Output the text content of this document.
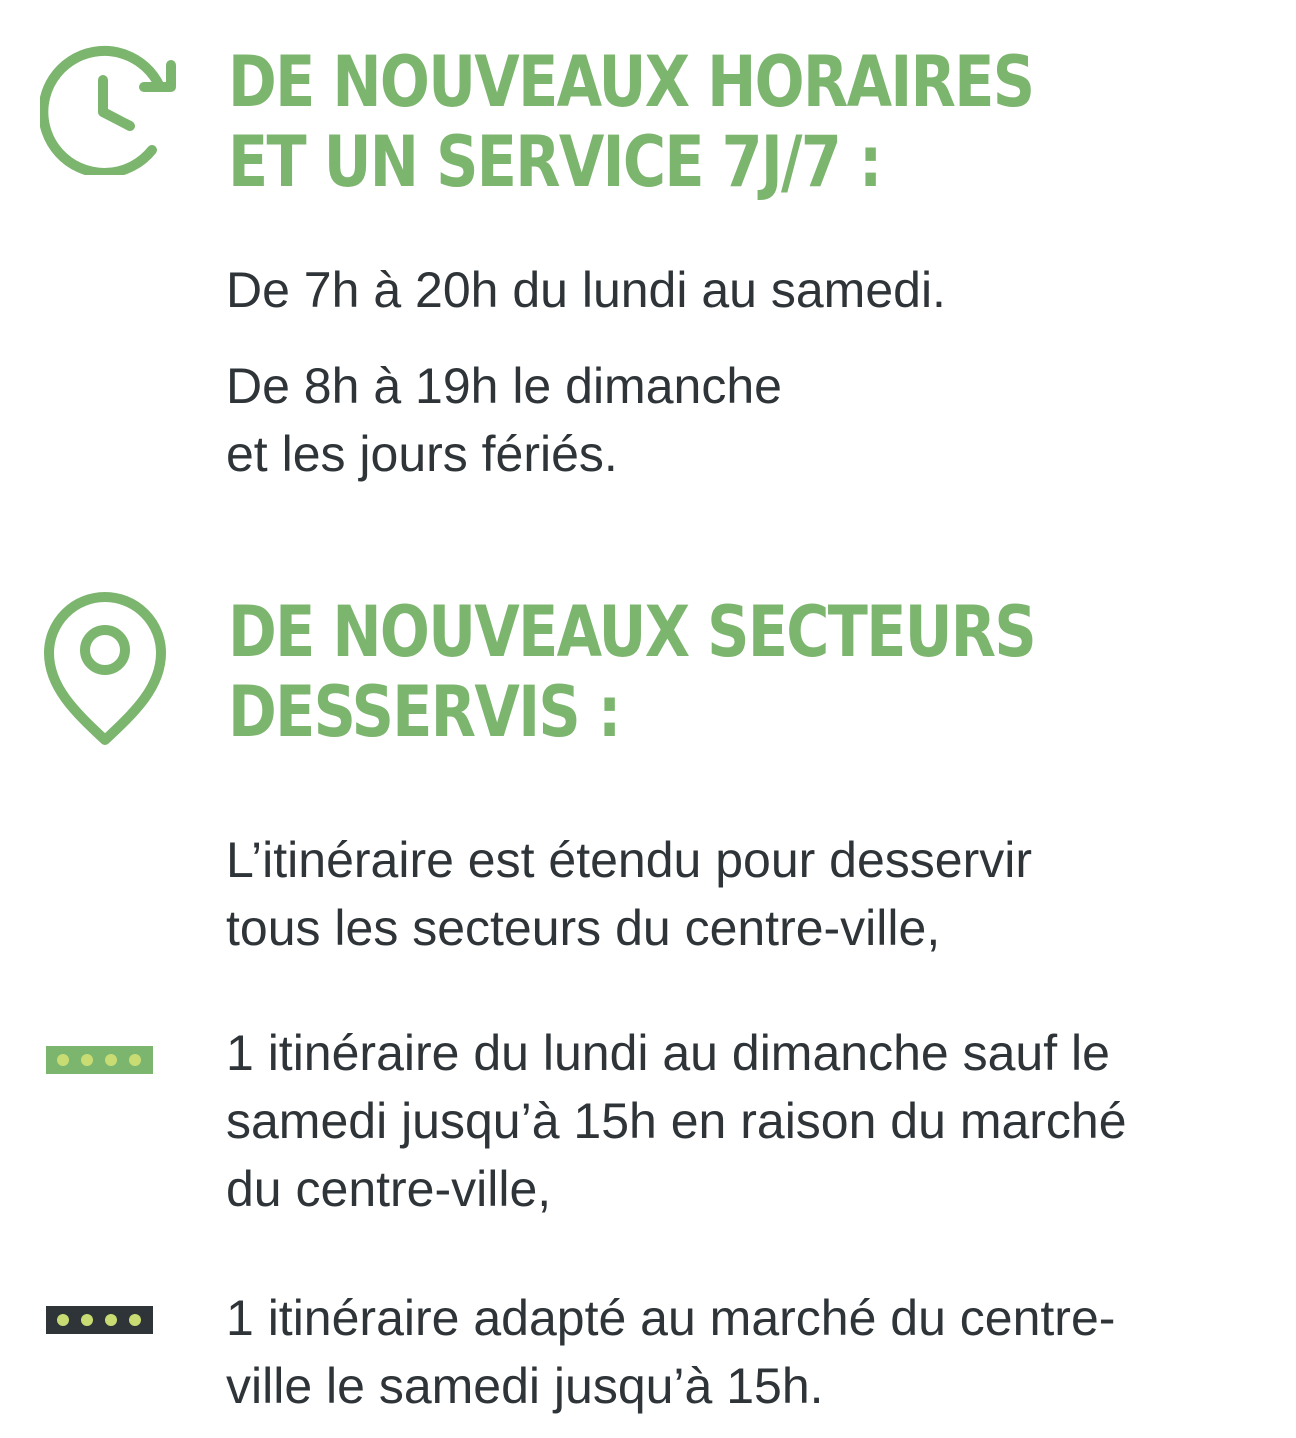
DE NOUVEAUX HORAIRES
ET UN SERVICE 7J/7 :

De 7h à 20h du lundi au samedi.

De 8h à 19h le dimanche
et les jours fériés.

DE NOUVEAUX SECTEURS
DESSERVIS :

L’itinéraire est étendu pour desservir
tous les secteurs du centre-ville,

1 itinéraire du lundi au dimanche sauf le
samedi jusqu’à 15h en raison du marché
du centre-ville,

1 itinéraire adapté au marché du centre-
ville le samedi jusqu’à 15h.
